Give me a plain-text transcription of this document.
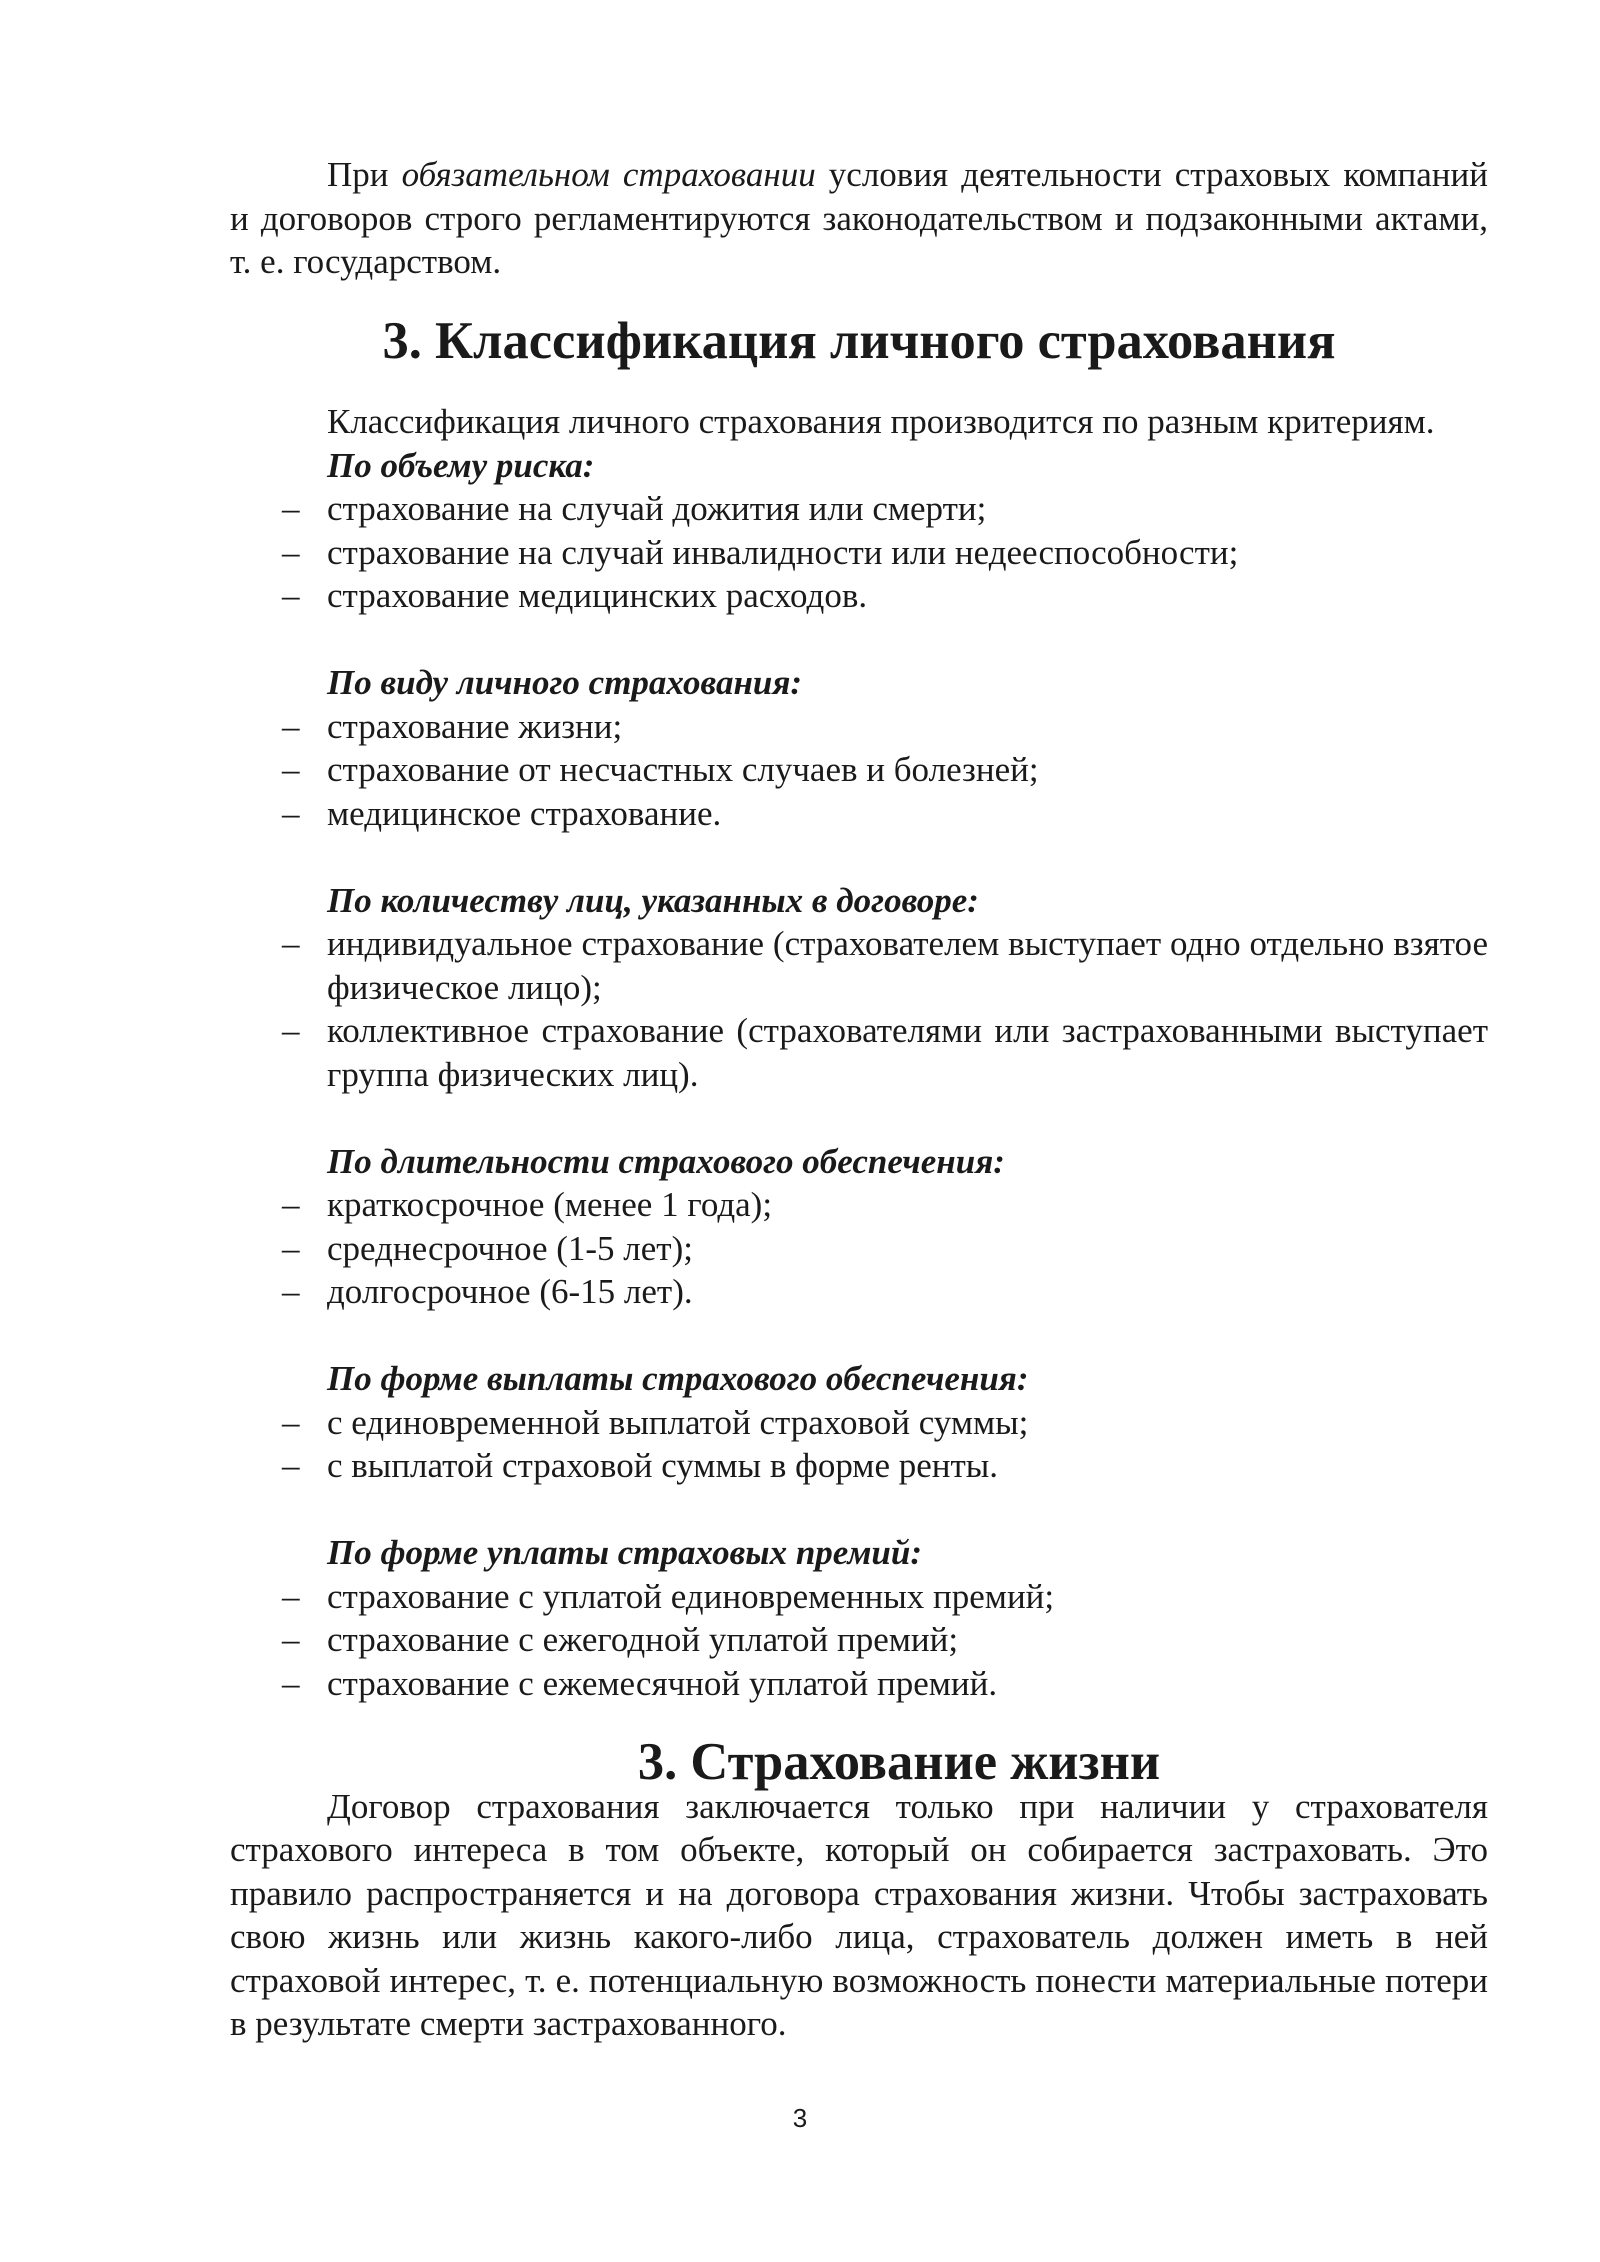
При обязательном страховании условия деятельности страховых компаний и договоров строго регламентируются законодательством и подзаконными актами, т. е. государством.

3. Классификация личного страхования

Классификация личного страхования производится по разным критериям.

По объему риска:

– страхование на случай дожития или смерти;
– страхование на случай инвалидности или недееспособности;
– страхование медицинских расходов.

По виду личного страхования:

– страхование жизни;
– страхование от несчастных случаев и болезней;
– медицинское страхование.

По количеству лиц, указанных в договоре:

– индивидуальное страхование (страхователем выступает одно отдельно взятое физическое лицо);
– коллективное страхование (страхователями или застрахованными выступает группа физических лиц).

По длительности страхового обеспечения:

– краткосрочное (менее 1 года);
– среднесрочное (1-5 лет);
– долгосрочное (6-15 лет).

По форме выплаты страхового обеспечения:

– с единовременной выплатой страховой суммы;
– с выплатой страховой суммы в форме ренты.

По форме уплаты страховых премий:

– страхование с уплатой единовременных премий;
– страхование с ежегодной уплатой премий;
– страхование с ежемесячной уплатой премий.
3. Страхование жизни

Договор страхования заключается только при наличии у страхователя страхового интереса в том объекте, который он собирается застраховать. Это правило распространяется и на договора страхования жизни. Чтобы застраховать свою жизнь или жизнь какого-либо лица, страхователь должен иметь в ней страховой интерес, т. е. потенциальную возможность понести материальные потери в результате смерти застрахованного.

3
